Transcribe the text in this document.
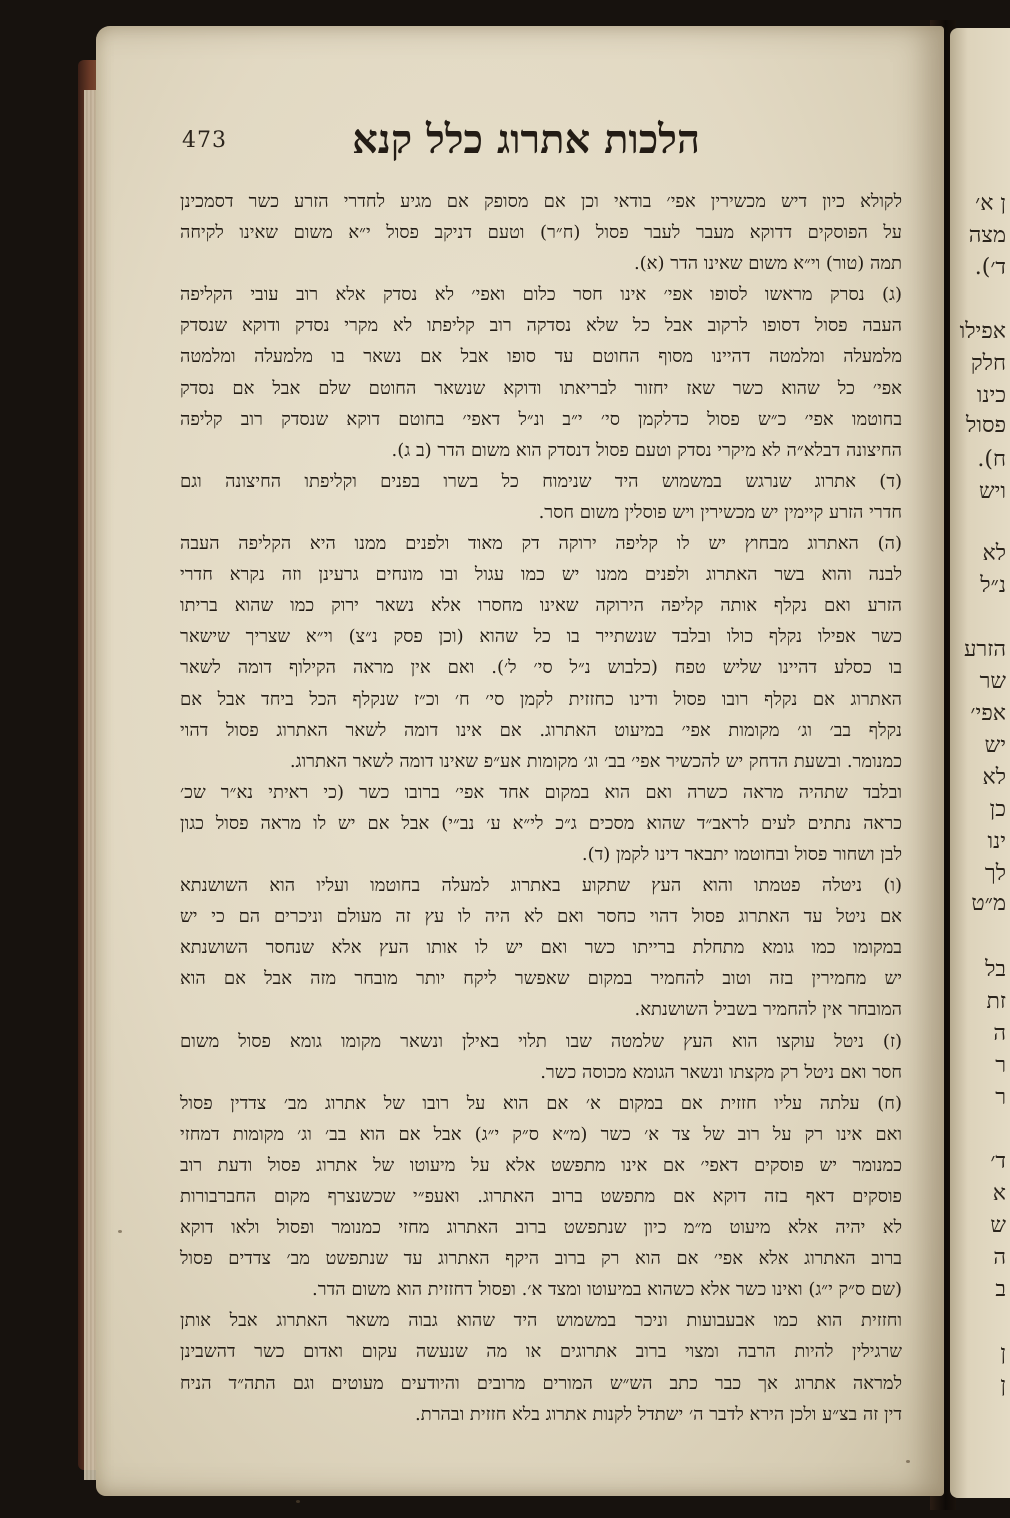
ן א׳
מצה
ד׳).
אפילו
חלק
כינו
פסול
ח).
ויש
לא
נ״ל
הזרע
שר
אפי׳
יש
לא
כן
ינו
לך
מ״ט
בל
זת
ה
ר
ר
ד׳
א
ש
ה
ב
ן
ן
473	הלכות אתרוג כלל קנא
לקולא כיון דיש מכשירין אפי׳ בודאי וכן אם מסופק אם מגיע לחדרי הזרע כשר דסמכינן
על הפוסקים דדוקא מעבר לעבר פסול (ח״ר) וטעם דניקב פסול י״א משום שאינו לקיחה
תמה (טור) וי״א משום שאינו הדר (א).
(ג) נסרק מראשו לסופו אפי׳ אינו חסר כלום ואפי׳ לא נסדק אלא רוב עובי הקליפה
העבה פסול דסופו לרקוב אבל כל שלא נסדקה רוב קליפתו לא מקרי נסדק ודוקא שנסדק
מלמעלה ומלמטה דהיינו מסוף החוטם עד סופו אבל אם נשאר בו מלמעלה ומלמטה
אפי׳ כל שהוא כשר שאז יחזור לבריאתו ודוקא שנשאר החוטם שלם אבל אם נסדק
בחוטמו אפי׳ כ״ש פסול כדלקמן סי׳ י״ב ונ״ל דאפי׳ בחוטם דוקא שנסדק רוב קליפה
החיצונה דבלא״ה לא מיקרי נסדק וטעם פסול דנסדק הוא משום הדר (ב ג).
(ד) אתרוג שנרגש במשמוש היד שנימוח כל בשרו בפנים וקליפתו החיצונה וגם
חדרי הזרע קיימין יש מכשירין ויש פוסלין משום חסר.
(ה) האתרוג מבחוץ יש לו קליפה ירוקה דק מאוד ולפנים ממנו היא הקליפה העבה
לבנה והוא בשר האתרוג ולפנים ממנו יש כמו עגול ובו מונחים גרעינן וזה נקרא חדרי
הזרע ואם נקלף אותה קליפה הירוקה שאינו מחסרו אלא נשאר ירוק כמו שהוא בריתו
כשר אפילו נקלף כולו ובלבד שנשתייר בו כל שהוא (וכן פסק נ״צ) וי״א שצריך שישאר
בו כסלע דהיינו שליש טפח (כלבוש נ״ל סי׳ ל׳). ואם אין מראה הקילוף דומה לשאר
האתרוג אם נקלף רובו פסול ודינו כחזזית לקמן סי׳ ח׳ וכ״ז שנקלף הכל ביחד אבל אם
נקלף בב׳ וג׳ מקומות אפי׳ במיעוט האתרוג. אם אינו דומה לשאר האתרוג פסול דהוי
כמנומר. ובשעת הדחק יש להכשיר אפי׳ בב׳ וג׳ מקומות אע״פ שאינו דומה לשאר האתרוג.
ובלבד שתהיה מראה כשרה ואם הוא במקום אחד אפי׳ ברובו כשר (כי ראיתי נא״ר שכ׳
כראה נתתים לעים לראב״ד שהוא מסכים ג״כ לי״א ע׳ נב״י) אבל אם יש לו מראה פסול כגון
לבן ושחור פסול ובחוטמו יתבאר דינו לקמן (ד).
(ו) ניטלה פטמתו והוא העץ שתקוע באתרוג למעלה בחוטמו ועליו הוא השושנתא
אם ניטל עד האתרוג פסול דהוי כחסר ואם לא היה לו עץ זה מעולם וניכרים הם כי יש
במקומו כמו גומא מתחלת ברייתו כשר ואם יש לו אותו העץ אלא שנחסר השושנתא
יש מחמירין בזה וטוב להחמיר במקום שאפשר ליקח יותר מובחר מזה אבל אם הוא
המובחר אין להחמיר בשביל השושנתא.
(ז) ניטל עוקצו הוא העץ שלמטה שבו תלוי באילן ונשאר מקומו גומא פסול משום
חסר ואם ניטל רק מקצתו ונשאר הגומא מכוסה כשר.
(ח) עלתה עליו חזזית אם במקום א׳ אם הוא על רובו של אתרוג מב׳ צדדין פסול
ואם אינו רק על רוב של צד א׳ כשר (מ״א ס״ק י״ג) אבל אם הוא בב׳ וג׳ מקומות דמחזי
כמנומר יש פוסקים דאפי׳ אם אינו מתפשט אלא על מיעוטו של אתרוג פסול ודעת רוב
פוסקים דאף בזה דוקא אם מתפשט ברוב האתרוג. ואעפ״י שכשנצרף מקום החברבורות
לא יהיה אלא מיעוט מ״מ כיון שנתפשט ברוב האתרוג מחזי כמנומר ופסול ולאו דוקא
ברוב האתרוג אלא אפי׳ אם הוא רק ברוב היקף האתרוג עד שנתפשט מב׳ צדדים פסול
(שם ס״ק י״ג) ואינו כשר אלא כשהוא במיעוטו ומצד א׳. ופסול דחזזית הוא משום הדר.
וחזזית הוא כמו אבעבועות וניכר במשמוש היד שהוא גבוה משאר האתרוג אבל אותן
שרגילין להיות הרבה ומצוי ברוב אתרוגים או מה שנעשה עקום ואדום כשר דהשבינן
למראה אתרוג אך כבר כתב הש״ש המורים מרובים והיודעים מעוטים וגם התה״ד הניח
דין זה בצ״ע ולכן הירא לדבר ה׳ ישתדל לקנות אתרוג בלא חזזית ובהרת.
